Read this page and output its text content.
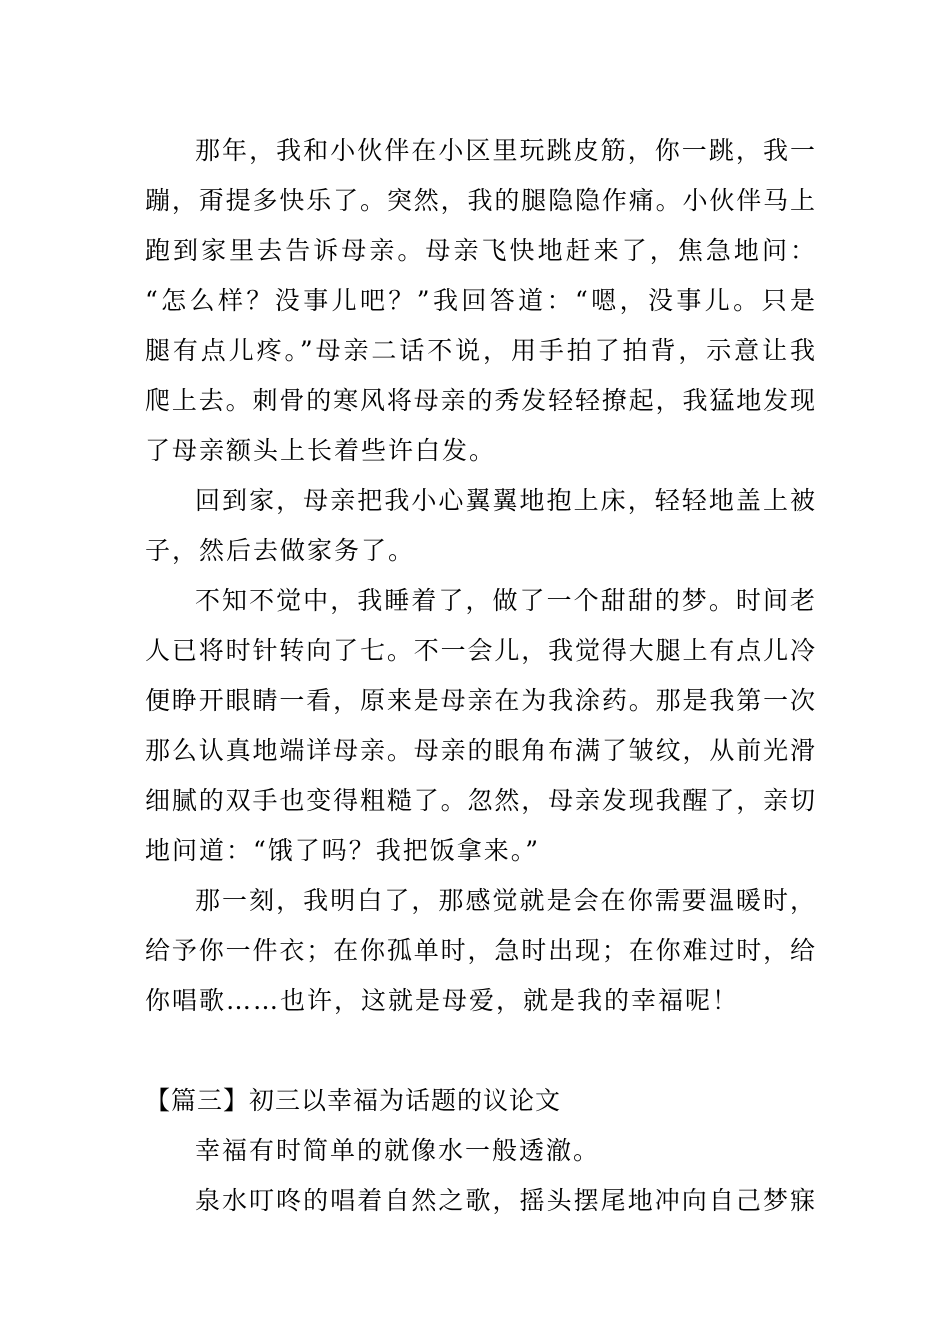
那年，我和小伙伴在小区里玩跳皮筋，你一跳，我一
蹦，甭提多快乐了。突然，我的腿隐隐作痛。小伙伴马上
跑到家里去告诉母亲。母亲飞快地赶来了，焦急地问：
“怎么样？没事儿吧？”我回答道：“嗯，没事儿。只是
腿有点儿疼。”母亲二话不说，用手拍了拍背，示意让我
爬上去。刺骨的寒风将母亲的秀发轻轻撩起，我猛地发现
了母亲额头上长着些许白发。
回到家，母亲把我小心翼翼地抱上床，轻轻地盖上被
子，然后去做家务了。
不知不觉中，我睡着了，做了一个甜甜的梦。时间老
人已将时针转向了七。不一会儿，我觉得大腿上有点儿冷
便睁开眼睛一看，原来是母亲在为我涂药。那是我第一次
那么认真地端详母亲。母亲的眼角布满了皱纹，从前光滑
细腻的双手也变得粗糙了。忽然，母亲发现我醒了，亲切
地问道：“饿了吗？我把饭拿来。”
那一刻，我明白了，那感觉就是会在你需要温暖时，
给予你一件衣；在你孤单时，急时出现；在你难过时，给
你唱歌……也许，这就是母爱，就是我的幸福呢！
【篇三】初三以幸福为话题的议论文
幸福有时简单的就像水一般透澈。
泉水叮咚的唱着自然之歌，摇头摆尾地冲向自己梦寐
